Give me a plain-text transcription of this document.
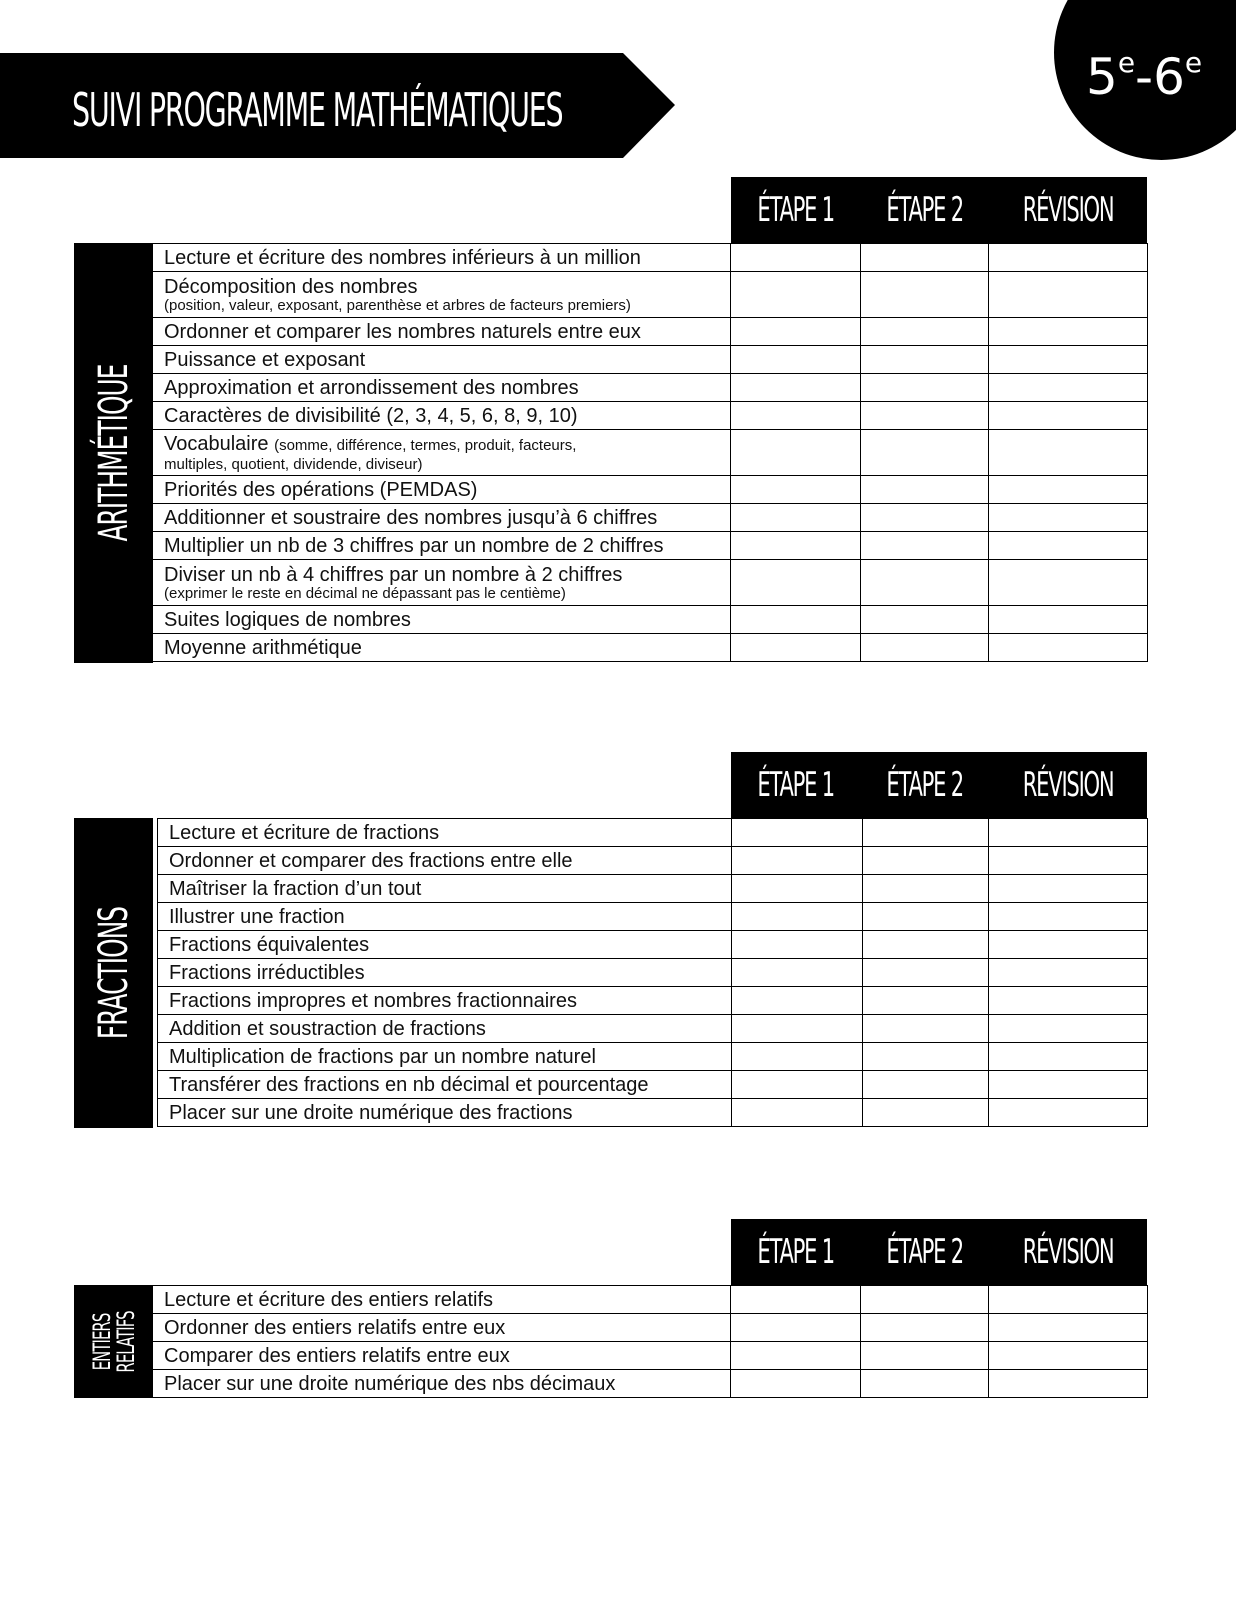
SUIVI PROGRAMME MATHÉMATIQUES
5e-6e
ÉTAPE 1	ÉTAPE 2	RÉVISION
ARITHMÉTIQUE
Lecture et écriture des nombres inférieurs à un million			
Décomposition des nombres
(position, valeur, exposant, parenthèse et arbres de facteurs premiers)			

Ordonner et comparer les nombres naturels entre eux			
Puissance et exposant			
Approximation et arrondissement des nombres			
Caractères de divisibilité (2, 3, 4, 5, 6, 8, 9, 10)			
Vocabulaire (somme, différence, termes, produit, facteurs,
multiples, quotient, dividende, diviseur)			

Priorités des opérations (PEMDAS)			
Additionner et soustraire des nombres jusqu’à 6 chiffres			
Multiplier un nb de 3 chiffres par un nombre de 2 chiffres			
Diviser un nb à 4 chiffres par un nombre à 2 chiffres
(exprimer le reste en décimal ne dépassant pas le centième)			

Suites logiques de nombres			
Moyenne arithmétique			
ÉTAPE 1	ÉTAPE 2	RÉVISION
FRACTIONS
Lecture et écriture de fractions			
Ordonner et comparer des fractions entre elle			
Maîtriser la fraction d’un tout			
Illustrer une fraction			
Fractions équivalentes			
Fractions irréductibles			
Fractions impropres et nombres fractionnaires			
Addition et soustraction de fractions			
Multiplication de fractions par un nombre naturel			
Transférer des fractions en nb décimal et pourcentage			
Placer sur une droite numérique des fractions			
ÉTAPE 1	ÉTAPE 2	RÉVISION
ENTIERS
RELATIFS
Lecture et écriture des entiers relatifs			
Ordonner des entiers relatifs entre eux			
Comparer des entiers relatifs entre eux			
Placer sur une droite numérique des nbs décimaux			
